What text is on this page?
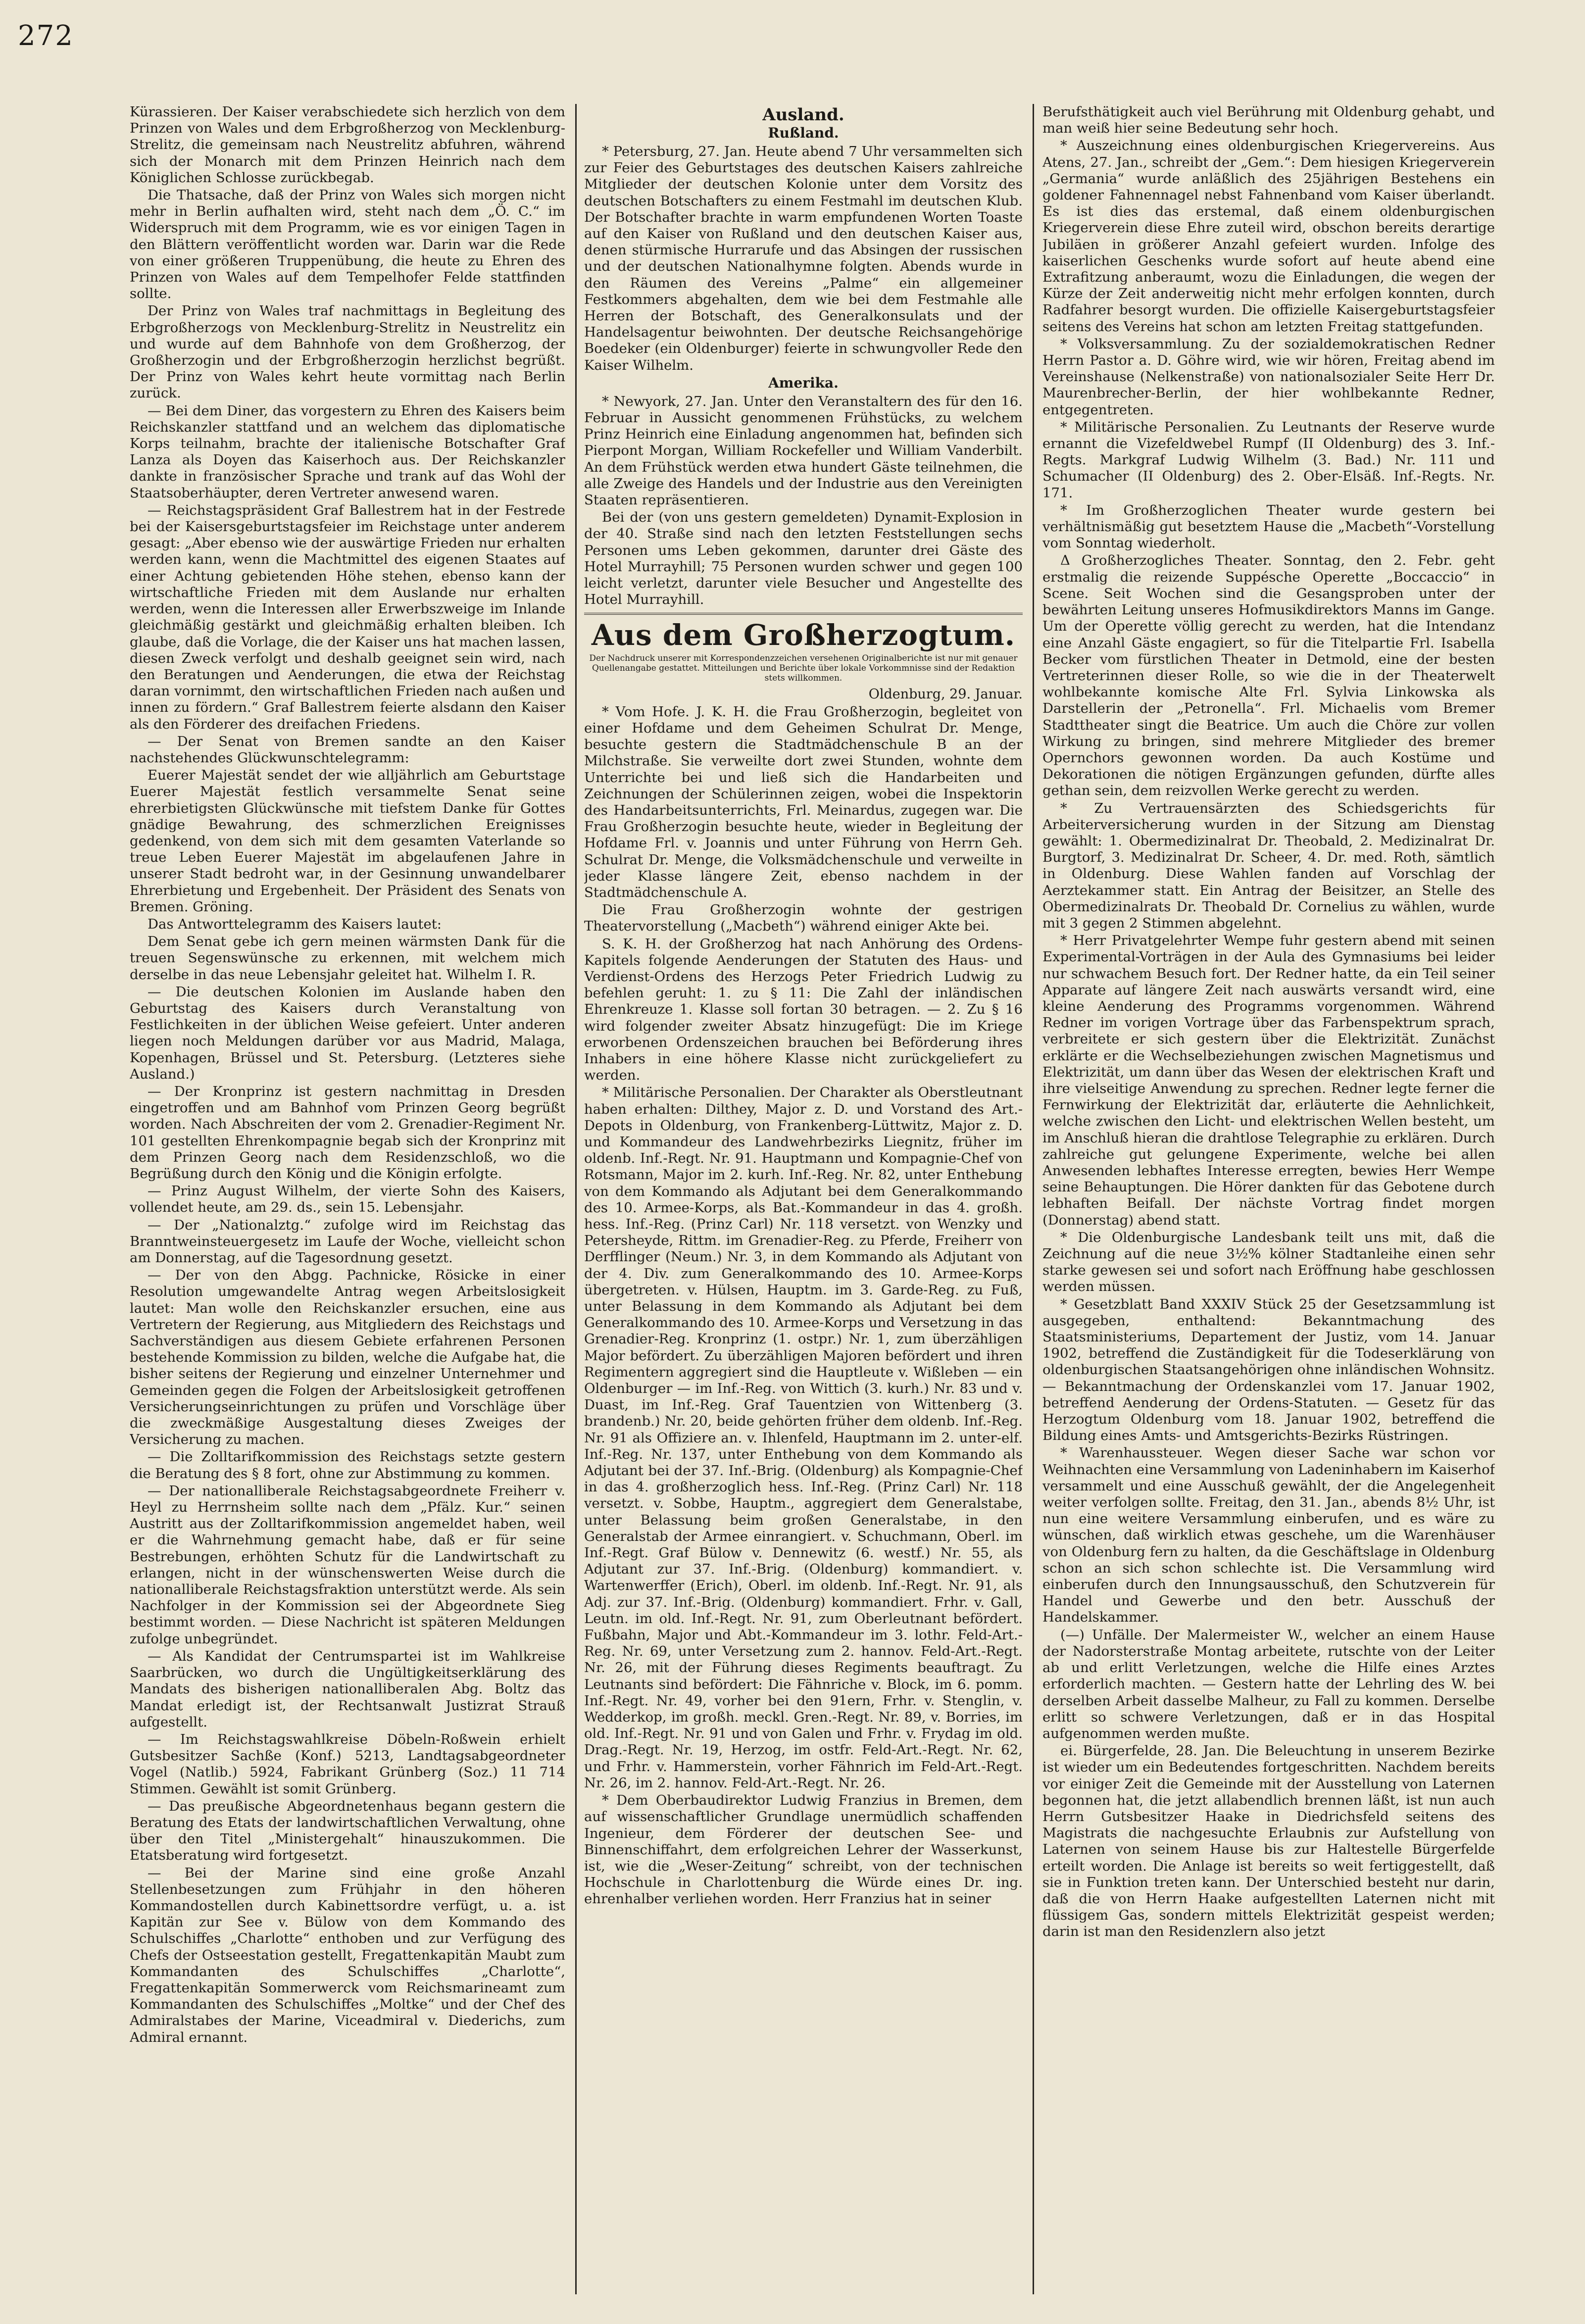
272

Kürassieren. Der Kaiser verabschiedete sich herzlich von dem Prinzen von Wales und dem Erbgroßherzog von Mecklenburg-Strelitz, die gemeinsam nach Neustrelitz abfuhren, während sich der Monarch mit dem Prinzen Heinrich nach dem Königlichen Schlosse zurückbegab.

Die Thatsache, daß der Prinz von Wales sich morgen nicht mehr in Berlin aufhalten wird, steht nach dem „Ö. C.“ im Widerspruch mit dem Programm, wie es vor einigen Tagen in den Blättern veröffentlicht worden war. Darin war die Rede von einer größeren Truppenübung, die heute zu Ehren des Prinzen von Wales auf dem Tempelhofer Felde stattfinden sollte.

Der Prinz von Wales traf nachmittags in Begleitung des Erbgroßherzogs von Mecklenburg-Strelitz in Neustrelitz ein und wurde auf dem Bahnhofe von dem Großherzog, der Großherzogin und der Erbgroßherzogin herzlichst begrüßt. Der Prinz von Wales kehrt heute vormittag nach Berlin zurück.

— Bei dem Diner, das vorgestern zu Ehren des Kaisers beim Reichskanzler stattfand und an welchem das diplomatische Korps teilnahm, brachte der italienische Botschafter Graf Lanza als Doyen das Kaiserhoch aus. Der Reichskanzler dankte in französischer Sprache und trank auf das Wohl der Staatsoberhäupter, deren Vertreter anwesend waren.

— Reichstagspräsident Graf Ballestrem hat in der Festrede bei der Kaisersgeburtstagsfeier im Reichstage unter anderem gesagt: „Aber ebenso wie der auswärtige Frieden nur erhalten werden kann, wenn die Machtmittel des eigenen Staates auf einer Achtung gebietenden Höhe stehen, ebenso kann der wirtschaftliche Frieden mit dem Auslande nur erhalten werden, wenn die Interessen aller Erwerbszweige im Inlande gleichmäßig gestärkt und gleichmäßig erhalten bleiben. Ich glaube, daß die Vorlage, die der Kaiser uns hat machen lassen, diesen Zweck verfolgt und deshalb geeignet sein wird, nach den Beratungen und Aenderungen, die etwa der Reichstag daran vornimmt, den wirtschaftlichen Frieden nach außen und innen zu fördern.“ Graf Ballestrem feierte alsdann den Kaiser als den Förderer des dreifachen Friedens.

— Der Senat von Bremen sandte an den Kaiser nachstehendes Glückwunschtelegramm:

Euerer Majestät sendet der wie alljährlich am Geburtstage Euerer Majestät festlich versammelte Senat seine ehrerbietigsten Glückwünsche mit tiefstem Danke für Gottes gnädige Bewahrung, des schmerzlichen Ereignisses gedenkend, von dem sich mit dem gesamten Vaterlande so treue Leben Euerer Majestät im abgelaufenen Jahre in unserer Stadt bedroht war, in der Gesinnung unwandelbarer Ehrerbietung und Ergebenheit. Der Präsident des Senats von Bremen. Gröning.

Das Antworttelegramm des Kaisers lautet:

Dem Senat gebe ich gern meinen wärmsten Dank für die treuen Segenswünsche zu erkennen, mit welchem mich derselbe in das neue Lebensjahr geleitet hat. Wilhelm I. R.

— Die deutschen Kolonien im Auslande haben den Geburtstag des Kaisers durch Veranstaltung von Festlichkeiten in der üblichen Weise gefeiert. Unter anderen liegen noch Meldungen darüber vor aus Madrid, Malaga, Kopenhagen, Brüssel und St. Petersburg. (Letzteres siehe Ausland.)

— Der Kronprinz ist gestern nachmittag in Dresden eingetroffen und am Bahnhof vom Prinzen Georg begrüßt worden. Nach Abschreiten der vom 2. Grenadier-Regiment Nr. 101 gestellten Ehrenkompagnie begab sich der Kronprinz mit dem Prinzen Georg nach dem Residenzschloß, wo die Begrüßung durch den König und die Königin erfolgte.

— Prinz August Wilhelm, der vierte Sohn des Kaisers, vollendet heute, am 29. ds., sein 15. Lebensjahr.

— Der „Nationalztg.“ zufolge wird im Reichstag das Branntweinsteuergesetz im Laufe der Woche, vielleicht schon am Donnerstag, auf die Tagesordnung gesetzt.

— Der von den Abgg. Pachnicke, Rösicke in einer Resolution umgewandelte Antrag wegen Arbeitslosigkeit lautet: Man wolle den Reichskanzler ersuchen, eine aus Vertretern der Regierung, aus Mitgliedern des Reichstags und Sachverständigen aus diesem Gebiete erfahrenen Personen bestehende Kommission zu bilden, welche die Aufgabe hat, die bisher seitens der Regierung und einzelner Unternehmer und Gemeinden gegen die Folgen der Arbeitslosigkeit getroffenen Versicherungseinrichtungen zu prüfen und Vorschläge über die zweckmäßige Ausgestaltung dieses Zweiges der Versicherung zu machen.

— Die Zolltarifkommission des Reichstags setzte gestern die Beratung des § 8 fort, ohne zur Abstimmung zu kommen.

— Der nationalliberale Reichstagsabgeordnete Freiherr v. Heyl zu Herrnsheim sollte nach dem „Pfälz. Kur.“ seinen Austritt aus der Zolltarifkommission angemeldet haben, weil er die Wahrnehmung gemacht habe, daß er für seine Bestrebungen, erhöhten Schutz für die Landwirtschaft zu erlangen, nicht in der wünschenswerten Weise durch die nationalliberale Reichstagsfraktion unterstützt werde. Als sein Nachfolger in der Kommission sei der Abgeordnete Sieg bestimmt worden. — Diese Nachricht ist späteren Meldungen zufolge unbegründet.

— Als Kandidat der Centrumspartei ist im Wahlkreise Saarbrücken, wo durch die Ungültigkeitserklärung des Mandats des bisherigen nationalliberalen Abg. Boltz das Mandat erledigt ist, der Rechtsanwalt Justizrat Strauß aufgestellt.

— Im Reichstagswahlkreise Döbeln-Roßwein erhielt Gutsbesitzer Sachße (Konf.) 5213, Landtagsabgeordneter Vogel (Natlib.) 5924, Fabrikant Grünberg (Soz.) 11 714 Stimmen. Gewählt ist somit Grünberg.

— Das preußische Abgeordnetenhaus begann gestern die Beratung des Etats der landwirtschaftlichen Verwaltung, ohne über den Titel „Ministergehalt“ hinauszukommen. Die Etatsberatung wird fortgesetzt.

— Bei der Marine sind eine große Anzahl Stellenbesetzungen zum Frühjahr in den höheren Kommandostellen durch Kabinettsordre verfügt, u. a. ist Kapitän zur See v. Bülow von dem Kommando des Schulschiffes „Charlotte“ enthoben und zur Verfügung des Chefs der Ostseestation gestellt, Fregattenkapitän Maubt zum Kommandanten des Schulschiffes „Charlotte“, Fregattenkapitän Sommerwerck vom Reichsmarineamt zum Kommandanten des Schulschiffes „Moltke“ und der Chef des Admiralstabes der Marine, Viceadmiral v. Diederichs, zum Admiral ernannt.

Ausland.
Rußland.

* Petersburg, 27. Jan. Heute abend 7 Uhr versammelten sich zur Feier des Geburtstages des deutschen Kaisers zahlreiche Mitglieder der deutschen Kolonie unter dem Vorsitz des deutschen Botschafters zu einem Festmahl im deutschen Klub. Der Botschafter brachte in warm empfundenen Worten Toaste auf den Kaiser von Rußland und den deutschen Kaiser aus, denen stürmische Hurrarufe und das Absingen der russischen und der deutschen Nationalhymne folgten. Abends wurde in den Räumen des Vereins „Palme“ ein allgemeiner Festkommers abgehalten, dem wie bei dem Festmahle alle Herren der Botschaft, des Generalkonsulats und der Handelsagentur beiwohnten. Der deutsche Reichsangehörige Boedeker (ein Oldenburger) feierte in schwungvoller Rede den Kaiser Wilhelm.

Amerika.

* Newyork, 27. Jan. Unter den Veranstaltern des für den 16. Februar in Aussicht genommenen Frühstücks, zu welchem Prinz Heinrich eine Einladung angenommen hat, befinden sich Pierpont Morgan, William Rockefeller und William Vanderbilt. An dem Frühstück werden etwa hundert Gäste teilnehmen, die alle Zweige des Handels und der Industrie aus den Vereinigten Staaten repräsentieren.

Bei der (von uns gestern gemeldeten) Dynamit-Explosion in der 40. Straße sind nach den letzten Feststellungen sechs Personen ums Leben gekommen, darunter drei Gäste des Hotel Murrayhill; 75 Personen wurden schwer und gegen 100 leicht verletzt, darunter viele Besucher und Angestellte des Hotel Murrayhill.

Aus dem Großherzogtum.
Der Nachdruck unserer mit Korrespondenzzeichen versehenen Originalberichte ist nur mit genauer Quellenangabe gestattet. Mitteilungen und Berichte über lokale Vorkommnisse sind der Redaktion stets willkommen.
Oldenburg, 29. Januar.

* Vom Hofe. J. K. H. die Frau Großherzogin, begleitet von einer Hofdame und dem Geheimen Schulrat Dr. Menge, besuchte gestern die Stadtmädchenschule B an der Milchstraße. Sie verweilte dort zwei Stunden, wohnte dem Unterrichte bei und ließ sich die Handarbeiten und Zeichnungen der Schülerinnen zeigen, wobei die Inspektorin des Handarbeitsunterrichts, Frl. Meinardus, zugegen war. Die Frau Großherzogin besuchte heute, wieder in Begleitung der Hofdame Frl. v. Joannis und unter Führung von Herrn Geh. Schulrat Dr. Menge, die Volksmädchenschule und verweilte in jeder Klasse längere Zeit, ebenso nachdem in der Stadtmädchenschule A.

Die Frau Großherzogin wohnte der gestrigen Theatervorstellung („Macbeth“) während einiger Akte bei.

S. K. H. der Großherzog hat nach Anhörung des Ordens-Kapitels folgende Aenderungen der Statuten des Haus- und Verdienst-Ordens des Herzogs Peter Friedrich Ludwig zu befehlen geruht: 1. zu § 11: Die Zahl der inländischen Ehrenkreuze 1. Klasse soll fortan 30 betragen. — 2. Zu § 16 wird folgender zweiter Absatz hinzugefügt: Die im Kriege erworbenen Ordenszeichen brauchen bei Beförderung ihres Inhabers in eine höhere Klasse nicht zurückgeliefert zu werden.

* Militärische Personalien. Der Charakter als Oberstleutnant haben erhalten: Dilthey, Major z. D. und Vorstand des Art.-Depots in Oldenburg, von Frankenberg-Lüttwitz, Major z. D. und Kommandeur des Landwehrbezirks Liegnitz, früher im oldenb. Inf.-Regt. Nr. 91. Hauptmann und Kompagnie-Chef von Rotsmann, Major im 2. kurh. Inf.-Reg. Nr. 82, unter Enthebung von dem Kommando als Adjutant bei dem Generalkommando des 10. Armee-Korps, als Bat.-Kommandeur in das 4. großh. hess. Inf.-Reg. (Prinz Carl) Nr. 118 versetzt. von Wenzky und Petersheyde, Rittm. im Grenadier-Reg. zu Pferde, Freiherr von Derfflinger (Neum.) Nr. 3, in dem Kommando als Adjutant von der 4. Div. zum Generalkommando des 10. Armee-Korps übergetreten. v. Hülsen, Hauptm. im 3. Garde-Reg. zu Fuß, unter Belassung in dem Kommando als Adjutant bei dem Generalkommando des 10. Armee-Korps und Versetzung in das Grenadier-Reg. Kronprinz (1. ostpr.) Nr. 1, zum überzähligen Major befördert. Zu überzähligen Majoren befördert und ihren Regimentern aggregiert sind die Hauptleute v. Wißleben — ein Oldenburger — im Inf.-Reg. von Wittich (3. kurh.) Nr. 83 und v. Duast, im Inf.-Reg. Graf Tauentzien von Wittenberg (3. brandenb.) Nr. 20, beide gehörten früher dem oldenb. Inf.-Reg. Nr. 91 als Offiziere an. v. Ihlenfeld, Hauptmann im 2. unter-elf. Inf.-Reg. Nr. 137, unter Enthebung von dem Kommando als Adjutant bei der 37. Inf.-Brig. (Oldenburg) als Kompagnie-Chef in das 4. großherzoglich hess. Inf.-Reg. (Prinz Carl) Nr. 118 versetzt. v. Sobbe, Hauptm., aggregiert dem Generalstabe, unter Belassung beim großen Generalstabe, in den Generalstab der Armee einrangiert. v. Schuchmann, Oberl. im Inf.-Regt. Graf Bülow v. Dennewitz (6. westf.) Nr. 55, als Adjutant zur 37. Inf.-Brig. (Oldenburg) kommandiert. v. Wartenwerffer (Erich), Oberl. im oldenb. Inf.-Regt. Nr. 91, als Adj. zur 37. Inf.-Brig. (Oldenburg) kommandiert. Frhr. v. Gall, Leutn. im old. Inf.-Regt. Nr. 91, zum Oberleutnant befördert. Fußbahn, Major und Abt.-Kommandeur im 3. lothr. Feld-Art.-Reg. Nr. 69, unter Versetzung zum 2. hannov. Feld-Art.-Regt. Nr. 26, mit der Führung dieses Regiments beauftragt. Zu Leutnants sind befördert: Die Fähnriche v. Block, im 6. pomm. Inf.-Regt. Nr. 49, vorher bei den 91ern, Frhr. v. Stenglin, v. Wedderkop, im großh. meckl. Gren.-Regt. Nr. 89, v. Borries, im old. Inf.-Regt. Nr. 91 und von Galen und Frhr. v. Frydag im old. Drag.-Regt. Nr. 19, Herzog, im ostfr. Feld-Art.-Regt. Nr. 62, und Frhr. v. Hammerstein, vorher Fähnrich im Feld-Art.-Regt. Nr. 26, im 2. hannov. Feld-Art.-Regt. Nr. 26.

* Dem Oberbaudirektor Ludwig Franzius in Bremen, dem auf wissenschaftlicher Grundlage unermüdlich schaffenden Ingenieur, dem Förderer der deutschen See- und Binnenschiffahrt, dem erfolgreichen Lehrer der Wasserkunst, ist, wie die „Weser-Zeitung“ schreibt, von der technischen Hochschule in Charlottenburg die Würde eines Dr. ing. ehrenhalber verliehen worden. Herr Franzius hat in seiner

Berufsthätigkeit auch viel Berührung mit Oldenburg gehabt, und man weiß hier seine Bedeutung sehr hoch.

* Auszeichnung eines oldenburgischen Kriegervereins. Aus Atens, 27. Jan., schreibt der „Gem.“: Dem hiesigen Kriegerverein „Germania“ wurde anläßlich des 25jährigen Bestehens ein goldener Fahnennagel nebst Fahnenband vom Kaiser überlandt. Es ist dies das erstemal, daß einem oldenburgischen Kriegerverein diese Ehre zuteil wird, obschon bereits derartige Jubiläen in größerer Anzahl gefeiert wurden. Infolge des kaiserlichen Geschenks wurde sofort auf heute abend eine Extrafitzung anberaumt, wozu die Einladungen, die wegen der Kürze der Zeit anderweitig nicht mehr erfolgen konnten, durch Radfahrer besorgt wurden. Die offizielle Kaisergeburtstagsfeier seitens des Vereins hat schon am letzten Freitag stattgefunden.

* Volksversammlung. Zu der sozialdemokratischen Redner Herrn Pastor a. D. Göhre wird, wie wir hören, Freitag abend im Vereinshause (Nelkenstraße) von nationalsozialer Seite Herr Dr. Maurenbrecher-Berlin, der hier wohlbekannte Redner, entgegentreten.

* Militärische Personalien. Zu Leutnants der Reserve wurde ernannt die Vizefeldwebel Rumpf (II Oldenburg) des 3. Inf.-Regts. Markgraf Ludwig Wilhelm (3. Bad.) Nr. 111 und Schumacher (II Oldenburg) des 2. Ober-Elsäß. Inf.-Regts. Nr. 171.

* Im Großherzoglichen Theater wurde gestern bei verhältnismäßig gut besetztem Hause die „Macbeth“-Vorstellung vom Sonntag wiederholt.

Δ Großherzogliches Theater. Sonntag, den 2. Febr. geht erstmalig die reizende Suppésche Operette „Boccaccio“ in Scene. Seit Wochen sind die Gesangsproben unter der bewährten Leitung unseres Hofmusikdirektors Manns im Gange. Um der Operette völlig gerecht zu werden, hat die Intendanz eine Anzahl Gäste engagiert, so für die Titelpartie Frl. Isabella Becker vom fürstlichen Theater in Detmold, eine der besten Vertreterinnen dieser Rolle, so wie die in der Theaterwelt wohlbekannte komische Alte Frl. Sylvia Linkowska als Darstellerin der „Petronella“. Frl. Michaelis vom Bremer Stadttheater singt die Beatrice. Um auch die Chöre zur vollen Wirkung zu bringen, sind mehrere Mitglieder des bremer Opernchors gewonnen worden. Da auch Kostüme und Dekorationen die nötigen Ergänzungen gefunden, dürfte alles gethan sein, dem reizvollen Werke gerecht zu werden.

* Zu Vertrauensärzten des Schiedsgerichts für Arbeiterversicherung wurden in der Sitzung am Dienstag gewählt: 1. Obermedizinalrat Dr. Theobald, 2. Medizinalrat Dr. Burgtorf, 3. Medizinalrat Dr. Scheer, 4. Dr. med. Roth, sämtlich in Oldenburg. Diese Wahlen fanden auf Vorschlag der Aerztekammer statt. Ein Antrag der Beisitzer, an Stelle des Obermedizinalrats Dr. Theobald Dr. Cornelius zu wählen, wurde mit 3 gegen 2 Stimmen abgelehnt.

* Herr Privatgelehrter Wempe fuhr gestern abend mit seinen Experimental-Vorträgen in der Aula des Gymnasiums bei leider nur schwachem Besuch fort. Der Redner hatte, da ein Teil seiner Apparate auf längere Zeit nach auswärts versandt wird, eine kleine Aenderung des Programms vorgenommen. Während Redner im vorigen Vortrage über das Farbenspektrum sprach, verbreitete er sich gestern über die Elektrizität. Zunächst erklärte er die Wechselbeziehungen zwischen Magnetismus und Elektrizität, um dann über das Wesen der elektrischen Kraft und ihre vielseitige Anwendung zu sprechen. Redner legte ferner die Fernwirkung der Elektrizität dar, erläuterte die Aehnlichkeit, welche zwischen den Licht- und elektrischen Wellen besteht, um im Anschluß hieran die drahtlose Telegraphie zu erklären. Durch zahlreiche gut gelungene Experimente, welche bei allen Anwesenden lebhaftes Interesse erregten, bewies Herr Wempe seine Behauptungen. Die Hörer dankten für das Gebotene durch lebhaften Beifall. Der nächste Vortrag findet morgen (Donnerstag) abend statt.

* Die Oldenburgische Landesbank teilt uns mit, daß die Zeichnung auf die neue 3½% kölner Stadtanleihe einen sehr starke gewesen sei und sofort nach Eröffnung habe geschlossen werden müssen.

* Gesetzblatt Band XXXIV Stück 25 der Gesetzsammlung ist ausgegeben, enthaltend: Bekanntmachung des Staatsministeriums, Departement der Justiz, vom 14. Januar 1902, betreffend die Zuständigkeit für die Todeserklärung von oldenburgischen Staatsangehörigen ohne inländischen Wohnsitz. — Bekanntmachung der Ordenskanzlei vom 17. Januar 1902, betreffend Aenderung der Ordens-Statuten. — Gesetz für das Herzogtum Oldenburg vom 18. Januar 1902, betreffend die Bildung eines Amts- und Amtsgerichts-Bezirks Rüstringen.

* Warenhaussteuer. Wegen dieser Sache war schon vor Weihnachten eine Versammlung von Ladeninhabern im Kaiserhof versammelt und eine Ausschuß gewählt, der die Angelegenheit weiter verfolgen sollte. Freitag, den 31. Jan., abends 8½ Uhr, ist nun eine weitere Versammlung einberufen, und es wäre zu wünschen, daß wirklich etwas geschehe, um die Warenhäuser von Oldenburg fern zu halten, da die Geschäftslage in Oldenburg schon an sich schon schlechte ist. Die Versammlung wird einberufen durch den Innungsausschuß, den Schutzverein für Handel und Gewerbe und den betr. Ausschuß der Handelskammer.

(—) Unfälle. Der Malermeister W., welcher an einem Hause der Nadorsterstraße Montag arbeitete, rutschte von der Leiter ab und erlitt Verletzungen, welche die Hilfe eines Arztes erforderlich machten. — Gestern hatte der Lehrling des W. bei derselben Arbeit dasselbe Malheur, zu Fall zu kommen. Derselbe erlitt so schwere Verletzungen, daß er in das Hospital aufgenommen werden mußte.

ei. Bürgerfelde, 28. Jan. Die Beleuchtung in unserem Bezirke ist wieder um ein Bedeutendes fortgeschritten. Nachdem bereits vor einiger Zeit die Gemeinde mit der Ausstellung von Laternen begonnen hat, die jetzt allabendlich brennen läßt, ist nun auch Herrn Gutsbesitzer Haake in Diedrichsfeld seitens des Magistrats die nachgesuchte Erlaubnis zur Aufstellung von Laternen von seinem Hause bis zur Haltestelle Bürgerfelde erteilt worden. Die Anlage ist bereits so weit fertiggestellt, daß sie in Funktion treten kann. Der Unterschied besteht nur darin, daß die von Herrn Haake aufgestellten Laternen nicht mit flüssigem Gas, sondern mittels Elektrizität gespeist werden; darin ist man den Residenzlern also jetzt
